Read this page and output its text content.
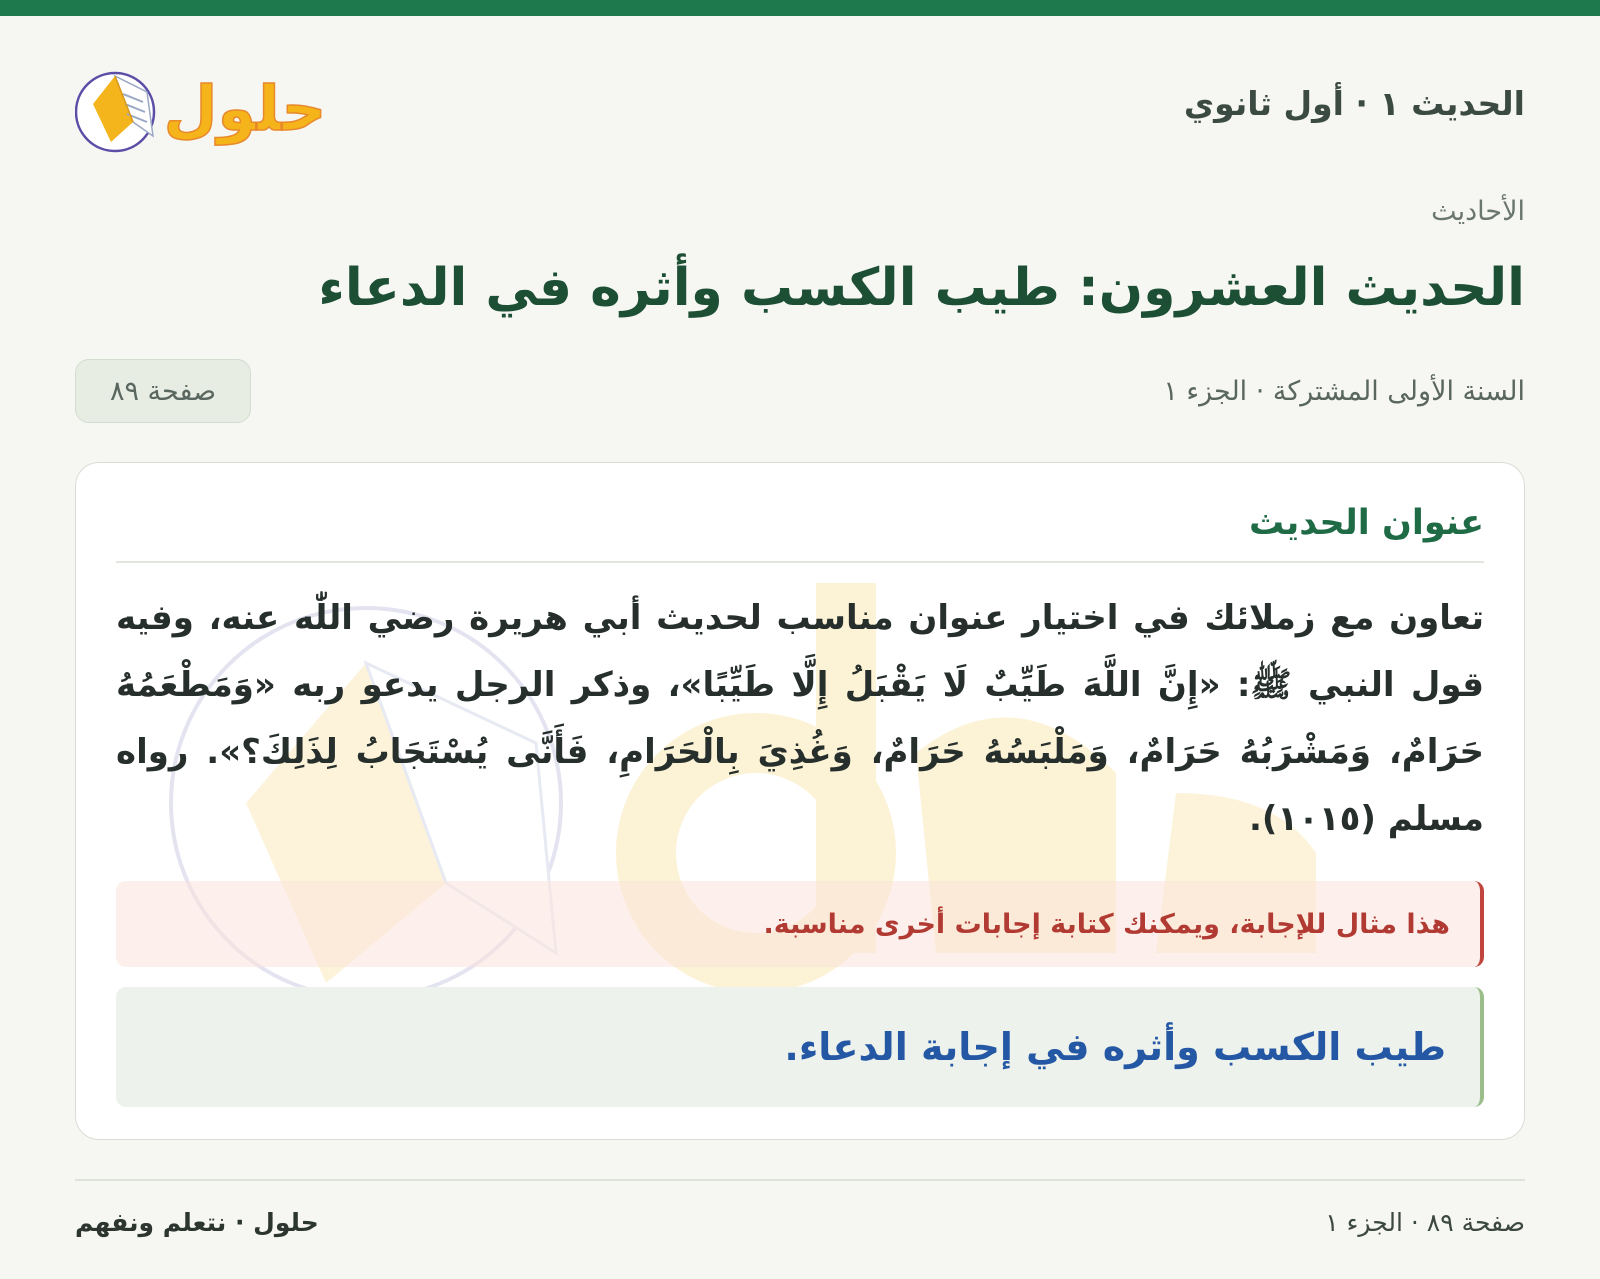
الحديث ١ · أول ثانوي
حلول
الأحاديث
الحديث العشرون: طيب الكسب وأثره في الدعاء
السنة الأولى المشتركة · الجزء ١
صفحة ٨٩
عنوان الحديث

تعاون مع زملائك في اختيار عنوان مناسب لحديث أبي هريرة رضي اللّٰه عنه، وفيه قول النبي ﷺ: «إِنَّ اللَّهَ طَيِّبٌ لَا يَقْبَلُ إِلَّا طَيِّبًا»، وذكر الرجل يدعو ربه «وَمَطْعَمُهُ حَرَامٌ، وَمَشْرَبُهُ حَرَامٌ، وَمَلْبَسُهُ حَرَامٌ، وَغُذِيَ بِالْحَرَامِ، فَأَنَّى يُسْتَجَابُ لِذَلِكَ؟». رواه مسلم (١٠١٥).

هذا مثال للإجابة، ويمكنك كتابة إجابات أخرى مناسبة.
طيب الكسب وأثره في إجابة الدعاء.
صفحة ٨٩ · الجزء ١
حلول · نتعلم ونفهم
